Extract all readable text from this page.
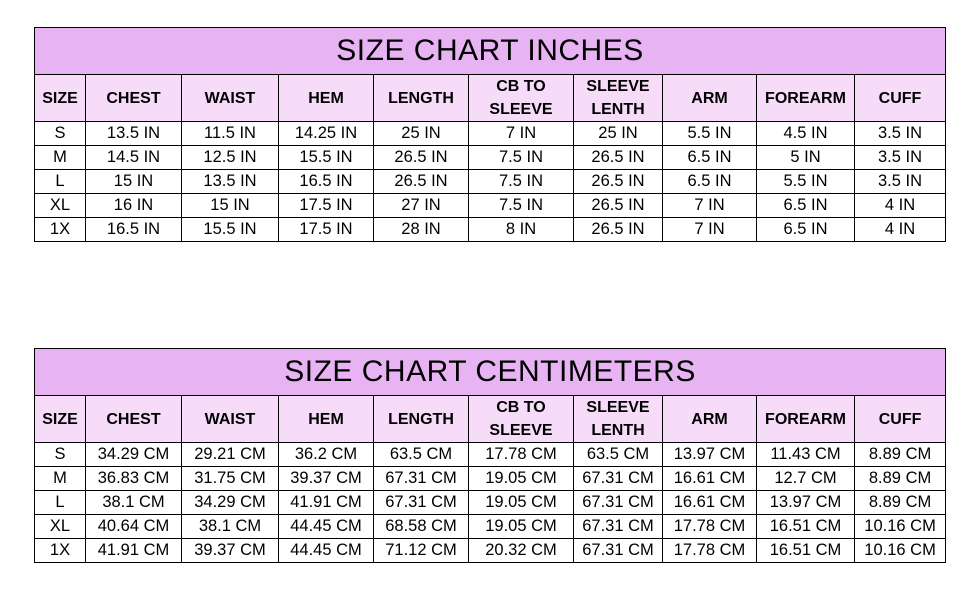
SIZE CHART INCHES									
SIZE	CHEST	WAIST	HEM	LENGTH	CB TO SLEEVE	SLEEVE LENTH	ARM	FOREARM	CUFF
S	13.5 IN	11.5 IN	14.25 IN	25 IN	7 IN	25 IN	5.5 IN	4.5 IN	3.5 IN
M	14.5 IN	12.5 IN	15.5 IN	26.5 IN	7.5 IN	26.5 IN	6.5 IN	5 IN	3.5 IN
L	15 IN	13.5 IN	16.5 IN	26.5 IN	7.5 IN	26.5 IN	6.5 IN	5.5 IN	3.5 IN
XL	16 IN	15 IN	17.5 IN	27 IN	7.5 IN	26.5 IN	7 IN	6.5 IN	4 IN
1X	16.5 IN	15.5 IN	17.5 IN	28 IN	8 IN	26.5 IN	7 IN	6.5 IN	4 IN
SIZE CHART CENTIMETERS									
SIZE	CHEST	WAIST	HEM	LENGTH	CB TO SLEEVE	SLEEVE LENTH	ARM	FOREARM	CUFF
S	34.29 CM	29.21 CM	36.2 CM	63.5 CM	17.78 CM	63.5 CM	13.97 CM	11.43 CM	8.89 CM
M	36.83 CM	31.75 CM	39.37 CM	67.31 CM	19.05 CM	67.31 CM	16.61 CM	12.7 CM	8.89 CM
L	38.1 CM	34.29 CM	41.91 CM	67.31 CM	19.05 CM	67.31 CM	16.61 CM	13.97 CM	8.89 CM
XL	40.64 CM	38.1 CM	44.45 CM	68.58 CM	19.05 CM	67.31 CM	17.78 CM	16.51 CM	10.16 CM
1X	41.91 CM	39.37 CM	44.45 CM	71.12 CM	20.32 CM	67.31 CM	17.78 CM	16.51 CM	10.16 CM
